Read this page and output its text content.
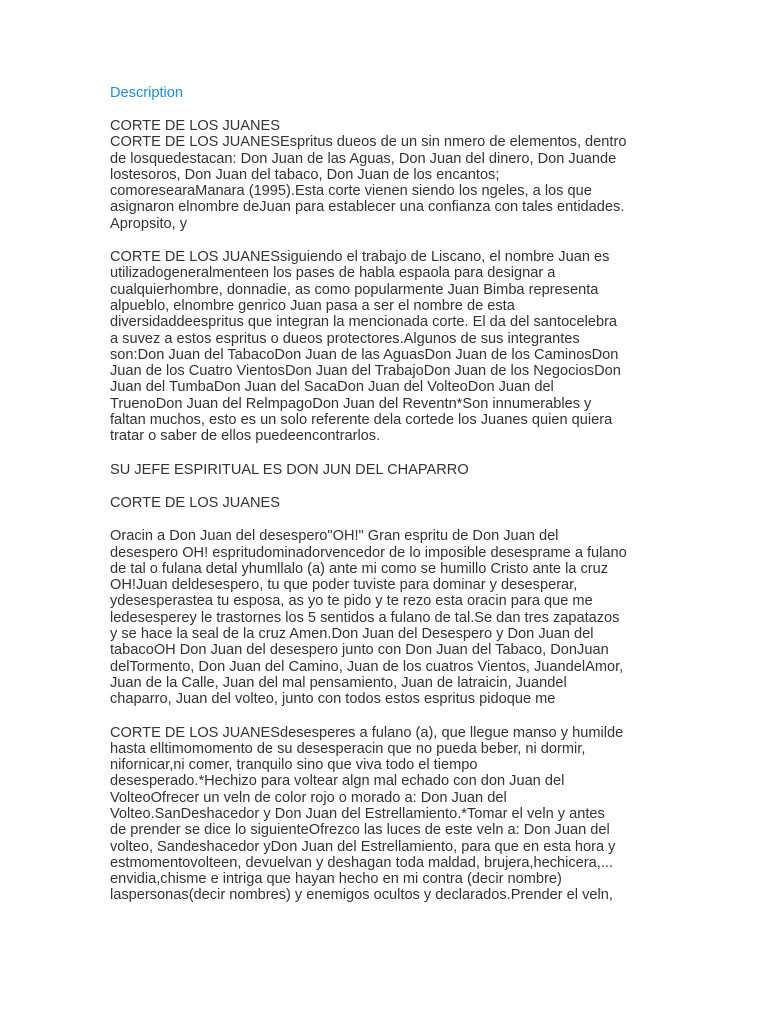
Description
CORTE DE LOS JUANES
CORTE DE LOS JUANESEspritus dueos de un sin nmero de elementos, dentro
de losquedestacan: Don Juan de las Aguas, Don Juan del dinero, Don Juande
lostesoros, Don Juan del tabaco, Don Juan de los encantos;
comoresearaManara (1995).Esta corte vienen siendo los ngeles, a los que
asignaron elnombre deJuan para establecer una confianza con tales entidades.
Apropsito, y
CORTE DE LOS JUANESsiguiendo el trabajo de Liscano, el nombre Juan es
utilizadogeneralmenteen los pases de habla espaola para designar a
cualquierhombre, donnadie, as como popularmente Juan Bimba representa
alpueblo, elnombre genrico Juan pasa a ser el nombre de esta
diversidaddeespritus que integran la mencionada corte. El da del santocelebra
a suvez a estos espritus o dueos protectores.Algunos de sus integrantes
son:Don Juan del TabacoDon Juan de las AguasDon Juan de los CaminosDon
Juan de los Cuatro VientosDon Juan del TrabajoDon Juan de los NegociosDon
Juan del TumbaDon Juan del SacaDon Juan del VolteoDon Juan del
TruenoDon Juan del RelmpagoDon Juan del Reventn*Son innumerables y
faltan muchos, esto es un solo referente dela cortede los Juanes quien quiera
tratar o saber de ellos puedeencontrarlos.
SU JEFE ESPIRITUAL ES DON JUN DEL CHAPARRO
CORTE DE LOS JUANES
Oracin a Don Juan del desespero"OH!" Gran espritu de Don Juan del
desespero OH! espritudominadorvencedor de lo imposible desesprame a fulano
de tal o fulana detal yhumllalo (a) ante mi como se humillo Cristo ante la cruz
OH!Juan deldesespero, tu que poder tuviste para dominar y desesperar,
ydesesperastea tu esposa, as yo te pido y te rezo esta oracin para que me
ledesesperey le trastornes los 5 sentidos a fulano de tal.Se dan tres zapatazos
y se hace la seal de la cruz Amen.Don Juan del Desespero y Don Juan del
tabacoOH Don Juan del desespero junto con Don Juan del Tabaco, DonJuan
delTormento, Don Juan del Camino, Juan de los cuatros Vientos, JuandelAmor,
Juan de la Calle, Juan del mal pensamiento, Juan de latraicin, Juandel
chaparro, Juan del volteo, junto con todos estos espritus pidoque me
CORTE DE LOS JUANESdesesperes a fulano (a), que llegue manso y humilde
hasta elltimomomento de su desesperacin que no pueda beber, ni dormir,
nifornicar,ni comer, tranquilo sino que viva todo el tiempo
desesperado.*Hechizo para voltear algn mal echado con don Juan del
VolteoOfrecer un veln de color rojo o morado a: Don Juan del
Volteo.SanDeshacedor y Don Juan del Estrellamiento.*Tomar el veln y antes
de prender se dice lo siguienteOfrezco las luces de este veln a: Don Juan del
volteo, Sandeshacedor yDon Juan del Estrellamiento, para que en esta hora y
estmomentovolteen, devuelvan y deshagan toda maldad, brujera,hechicera,...
envidia,chisme e intriga que hayan hecho en mi contra (decir nombre)
laspersonas(decir nombres) y enemigos ocultos y declarados.Prender el veln,
